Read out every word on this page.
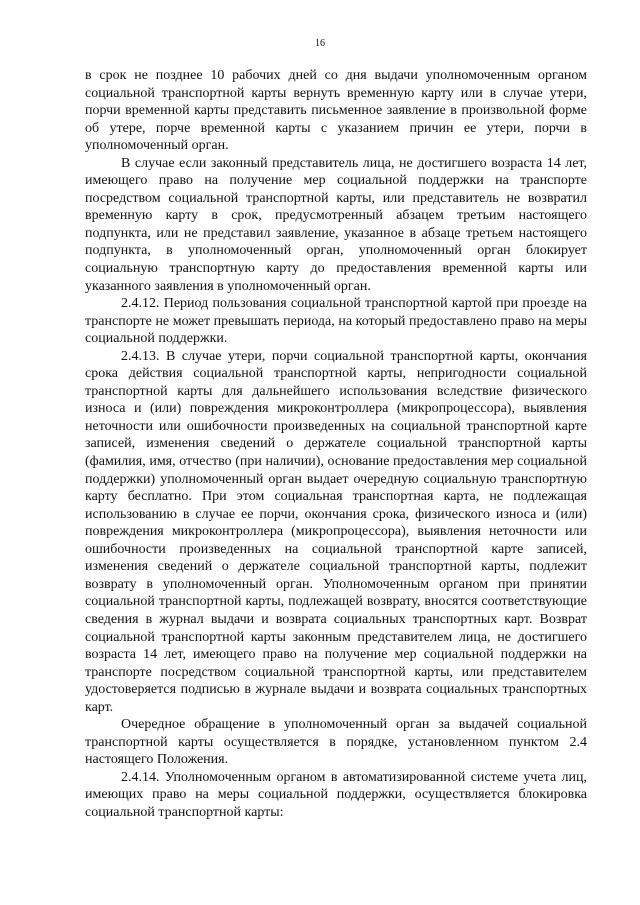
16

в срок не позднее 10 рабочих дней со дня выдачи уполномоченным органом социальной транспортной карты вернуть временную карту или в случае утери, порчи временной карты представить письменное заявление в произвольной форме об утере, порче временной карты с указанием причин ее утери, порчи в уполномоченный орган.

В случае если законный представитель лица, не достигшего возраста 14 лет, имеющего право на получение мер социальной поддержки на транспорте посредством социальной транспортной карты, или представитель не возвратил временную карту в срок, предусмотренный абзацем третьим настоящего подпункта, или не представил заявление, указанное в абзаце третьем настоящего подпункта, в уполномоченный орган, уполномоченный орган блокирует социальную транспортную карту до предоставления временной карты или указанного заявления в уполномоченный орган.

2.4.12. Период пользования социальной транспортной картой при проезде на транспорте не может превышать периода, на который предоставлено право на меры социальной поддержки.

2.4.13. В случае утери, порчи социальной транспортной карты, окончания срока действия социальной транспортной карты, непригодности социальной транспортной карты для дальнейшего использования вследствие физического износа и (или) повреждения микроконтроллера (микропроцессора), выявления неточности или ошибочности произведенных на социальной транспортной карте записей, изменения сведений о держателе социальной транспортной карты (фамилия, имя, отчество (при наличии), основание предоставления мер социальной поддержки) уполномоченный орган выдает очередную социальную транспортную карту бесплатно. При этом социальная транспортная карта, не подлежащая использованию в случае ее порчи, окончания срока, физического износа и (или) повреждения микроконтроллера (микропроцессора), выявления неточности или ошибочности произведенных на социальной транспортной карте записей, изменения сведений о держателе социальной транспортной карты, подлежит возврату в уполномоченный орган. Уполномоченным органом при принятии социальной транспортной карты, подлежащей возврату, вносятся соответствующие сведения в журнал выдачи и возврата социальных транспортных карт. Возврат социальной транспортной карты законным представителем лица, не достигшего возраста 14 лет, имеющего право на получение мер социальной поддержки на транспорте посредством социальной транспортной карты, или представителем удостоверяется подписью в журнале выдачи и возврата социальных транспортных карт.

Очередное обращение в уполномоченный орган за выдачей социальной транспортной карты осуществляется в порядке, установленном пунктом 2.4 настоящего Положения.

2.4.14. Уполномоченным органом в автоматизированной системе учета лиц, имеющих право на меры социальной поддержки, осуществляется блокировка социальной транспортной карты:
